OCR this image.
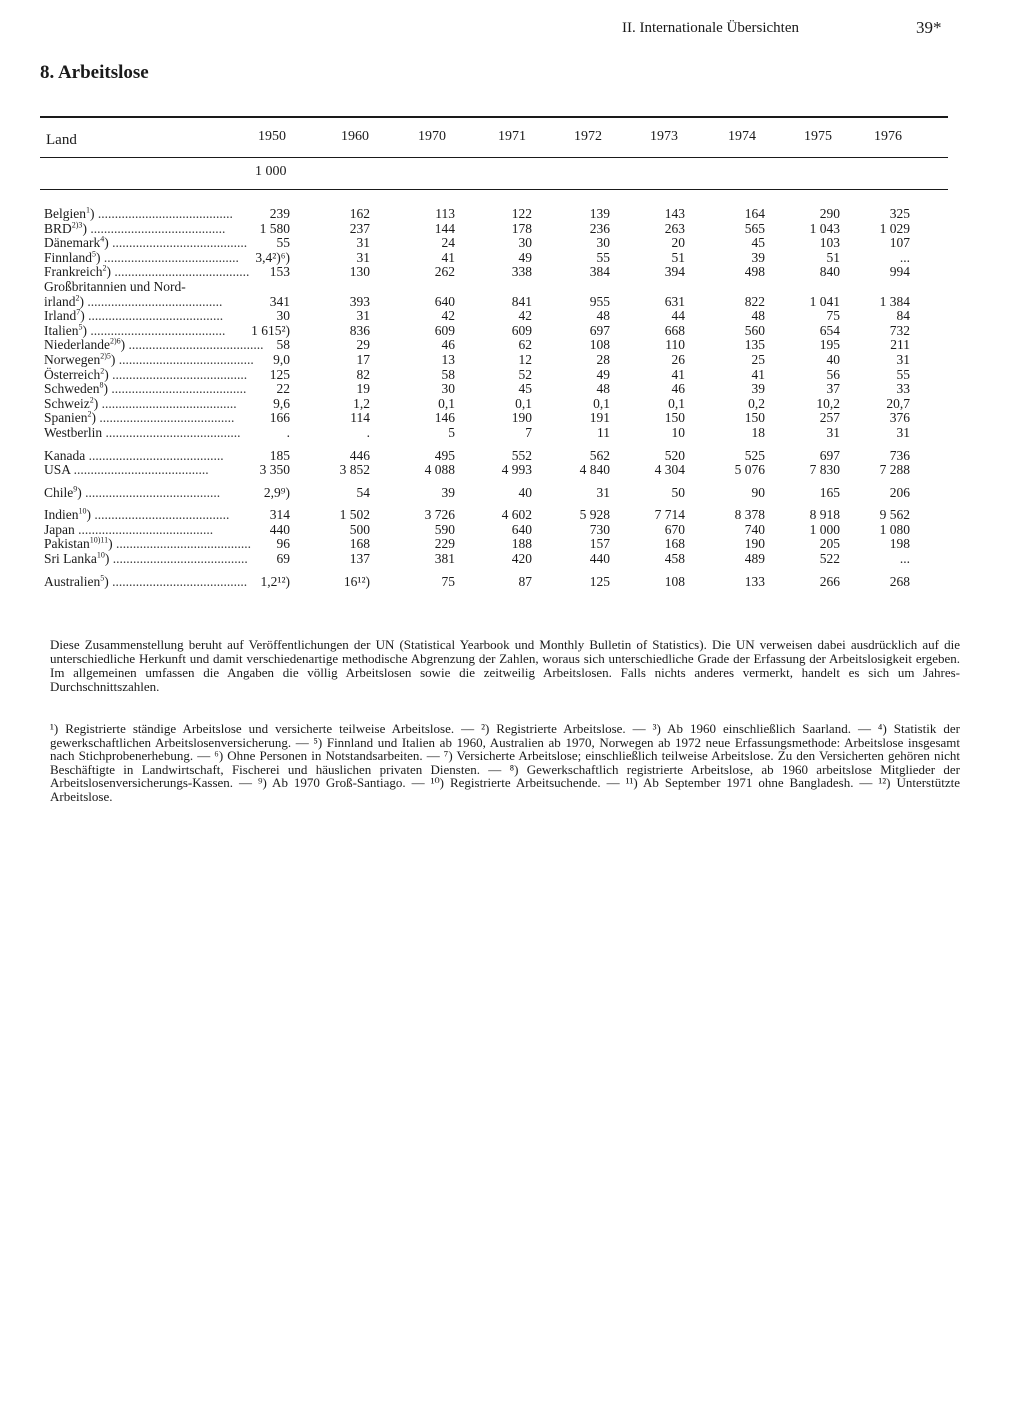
II. Internationale Übersichten	39*
8. Arbeitslose
Land	1950	1960	1970	1971	1972	1973	1974	1975	1976
1 000
Belgien$^1$) ........................................	239	162	113	122	139	143	164	290	325
$BRD^{2)3}$) ........................................	1 580	237	144	178	236	263	565	1 043	1 029
Dänemark$^4$) ........................................	55	31	24	30	30	20	45	103	107
Finnland$^5$) ........................................	3,4²)⁶)	31	41	49	55	51	39	51	...
Frankreich$^2$) ........................................	153	130	262	338	384	394	498	840	994
Großbritannien und Nord-
irland$^2$) ........................................	341	393	640	841	955	631	822	1 041	1 384
Irland$^7$) ........................................	30	31	42	42	48	44	48	75	84
Italien$^5$) ........................................	1 615²)	836	609	609	697	668	560	654	732
Niederlande$^{2)6}$) ........................................ 58	29	46	62	108	110	135	195	211
Norwegen$^{2)5}$) ........................................	9,0	17	13	12	28	26	25	40	31
Österreich$^2$) ........................................	125	82	58	52	49	41	41	56	55
Schweden$^8$) ........................................	22	19	30	45	48	46	39	37	33
Schweiz$^2$) ........................................	9,6	1,2	0,1	0,1	0,1	0,1	0,2	10,2	20,7
Spanien$^2$) ........................................	166	114	146	190	191	150	150	257	376
Westberlin ........................................	.	.	5	7	11	10	18	31	31
Kanada ........................................	185	446	495	552	562	520	525	697	736
USA ........................................	3 350	3 852	4 088	4 993	4 840	4 304	5 076	7 830	7 288
Chile$^9$) ........................................	2,9⁹)	54	39	40	31	50	90	165	206
Indien$^{10}$) ........................................	314	1 502	3 726	4 602	5 928	7 714	8 378	8 918	9 562
Japan ........................................	440	500	590	640	730	670	740	1 000	1 080
Pakistan$^{10)11}$) ........................................	96	168	229	188	157	168	190	205	198
Sri Lanka$^{10}$) ........................................	69	137	381	420	440	458	489	522	...
Australien$^5$) ........................................ 1,2¹²)	16¹²)	75	87	125	108	133	266	268
Diese Zusammenstellung beruht auf Veröffentlichungen der UN (Statistical Yearbook und Monthly Bulletin of Statistics). Die UN verweisen dabei ausdrücklich auf die unterschiedliche Herkunft und damit verschiedenartige methodische Abgrenzung der Zahlen, woraus sich unterschiedliche Grade der Erfassung der Arbeitslosigkeit ergeben. Im allgemeinen umfassen die Angaben die völlig Arbeitslosen sowie die zeitweilig Arbeitslosen. Falls nichts anderes vermerkt, handelt es sich um Jahres-Durchschnittszahlen.
¹) Registrierte ständige Arbeitslose und versicherte teilweise Arbeitslose. — ²) Registrierte Arbeitslose. — ³) Ab 1960 einschließlich Saarland. — ⁴) Statistik der gewerkschaftlichen Arbeitslosenversicherung. — ⁵) Finnland und Italien ab 1960, Australien ab 1970, Norwegen ab 1972 neue Erfassungsmethode: Arbeitslose insgesamt nach Stichprobenerhebung. — ⁶) Ohne Personen in Notstandsarbeiten. — ⁷) Versicherte Arbeitslose; einschließlich teilweise Arbeitslose. Zu den Versicherten gehören nicht Beschäftigte in Landwirtschaft, Fischerei und häuslichen privaten Diensten. — ⁸) Gewerkschaftlich registrierte Arbeitslose, ab 1960 arbeitslose Mitglieder der Arbeitslosenversicherungs-Kassen. — ⁹) Ab 1970 Groß-Santiago. — ¹⁰) Registrierte Arbeitsuchende. — ¹¹) Ab September 1971 ohne Bangladesh. — ¹²) Unterstützte Arbeitslose.
